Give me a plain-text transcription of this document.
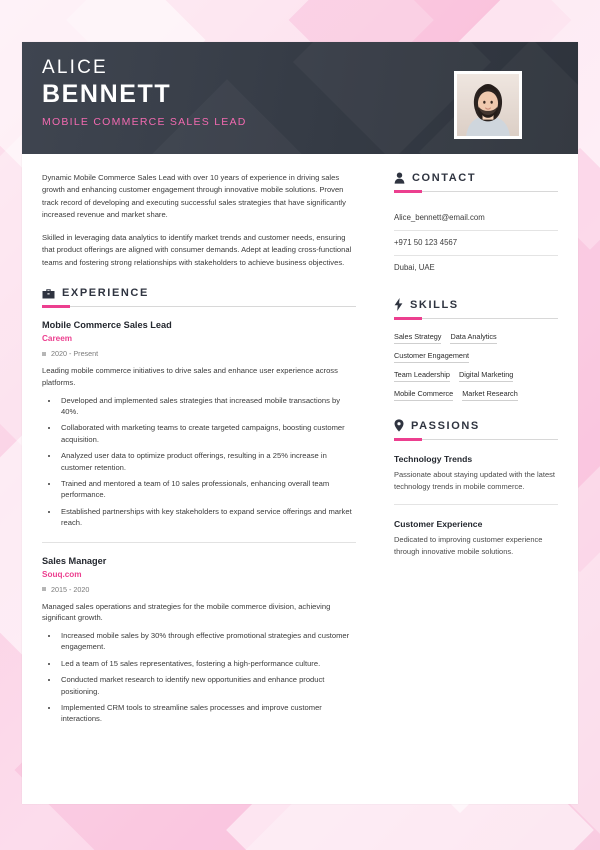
ALICE
BENNETT
MOBILE COMMERCE SALES LEAD

Dynamic Mobile Commerce Sales Lead with over 10 years of experience in driving sales growth and enhancing customer engagement through innovative mobile solutions. Proven track record of developing and executing successful sales strategies that have significantly increased revenue and market share.

Skilled in leveraging data analytics to identify market trends and customer needs, ensuring that product offerings are aligned with consumer demands. Adept at leading cross-functional teams and fostering strong relationships with stakeholders to achieve business objectives.

EXPERIENCE
Mobile Commerce Sales Lead
Careem
2020 - Present

Leading mobile commerce initiatives to drive sales and enhance user experience across platforms.

• Developed and implemented sales strategies that increased mobile transactions by 40%.
• Collaborated with marketing teams to create targeted campaigns, boosting customer acquisition.
• Analyzed user data to optimize product offerings, resulting in a 25% increase in customer retention.
• Trained and mentored a team of 10 sales professionals, enhancing overall team performance.
• Established partnerships with key stakeholders to expand service offerings and market reach.
Sales Manager
Souq.com
2015 - 2020

Managed sales operations and strategies for the mobile commerce division, achieving significant growth.

• Increased mobile sales by 30% through effective promotional strategies and customer engagement.
• Led a team of 15 sales representatives, fostering a high-performance culture.
• Conducted market research to identify new opportunities and enhance product positioning.
• Implemented CRM tools to streamline sales processes and improve customer interactions.
CONTACT
Alice_bennett@email.com
+971 50 123 4567
Dubai, UAE
SKILLS
Sales Strategy Data Analytics
Customer Engagement
Team Leadership Digital Marketing
Mobile Commerce Market Research
PASSIONS
Technology Trends
Passionate about staying updated with the latest technology trends in mobile commerce.
Customer Experience
Dedicated to improving customer experience through innovative mobile solutions.
